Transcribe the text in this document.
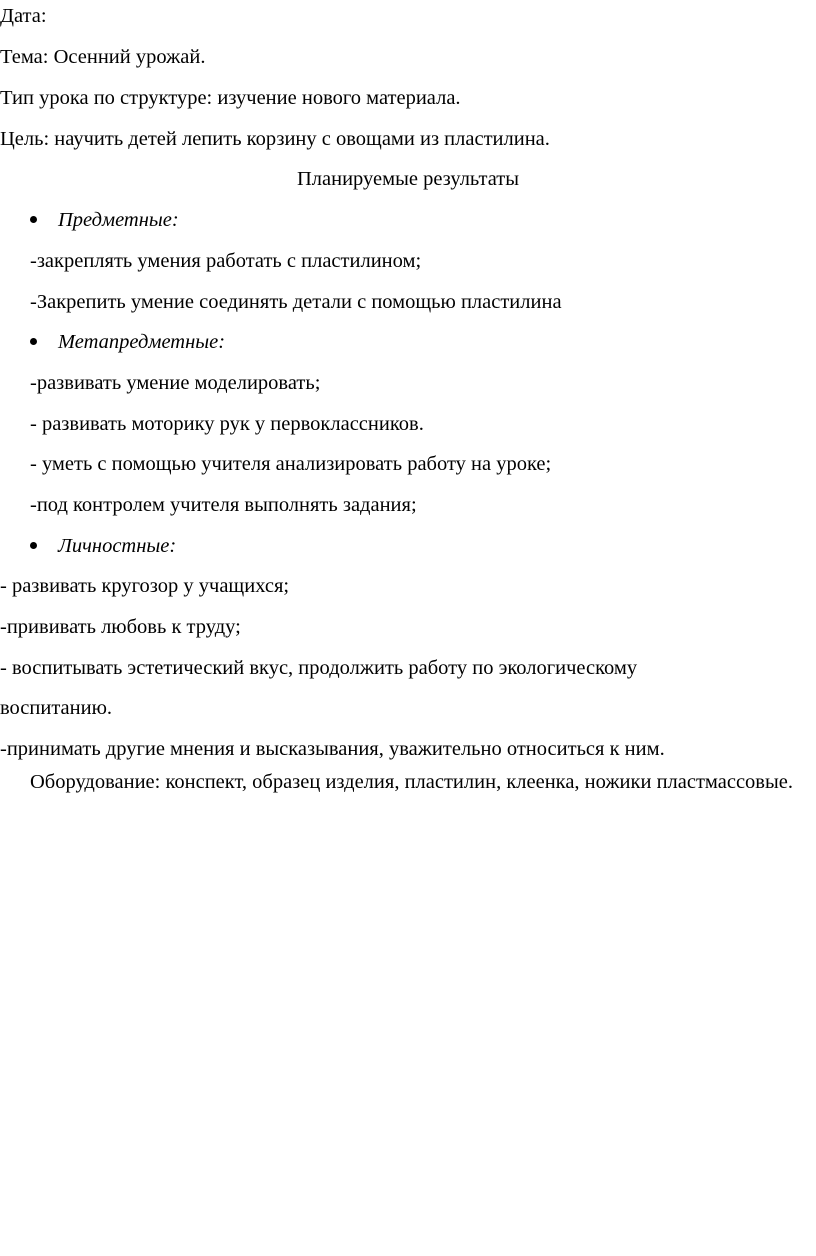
Дата:
Тема: Осенний урожай.
Тип урока по структуре: изучение нового материала.
Цель: научить детей лепить корзину с овощами из пластилина.
Планируемые результаты
Предметные:
-закреплять умения работать с пластилином;
-Закрепить умение соединять детали с помощью пластилина
Метапредметные:
-развивать умение моделировать;
- развивать моторику рук у первоклассников.
- уметь с помощью учителя анализировать работу на уроке;
-под контролем учителя выполнять задания;
Личностные:
- развивать кругозор у учащихся;
-прививать любовь к труду;
- воспитывать эстетический вкус, продолжить работу по экологическому
воспитанию.
-принимать другие мнения и высказывания, уважительно относиться к ним.
Оборудование: конспект, образец изделия, пластилин, клеенка, ножики пластмассовые.
